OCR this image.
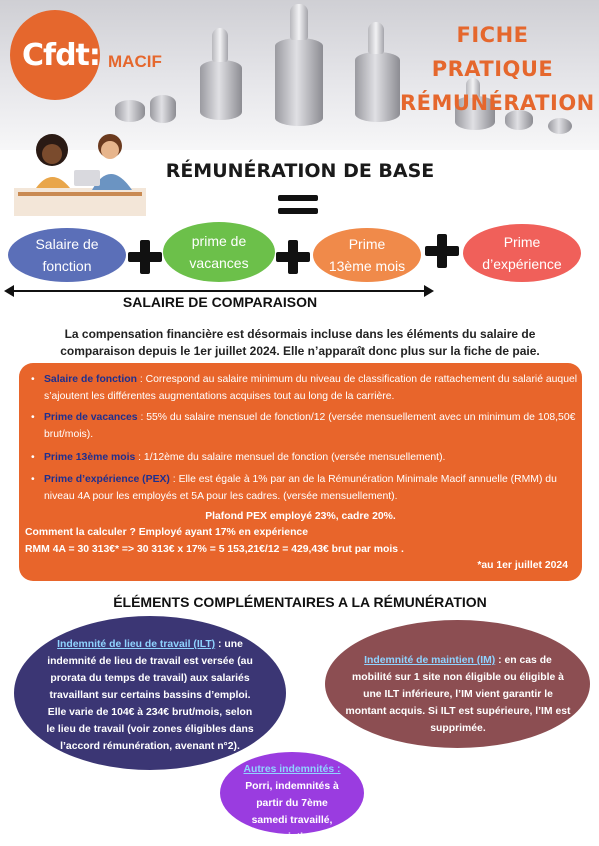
Cfdt: MACIF
FICHE PRATIQUE
RÉMUNÉRATION
RÉMUNÉRATION DE BASE
Salaire de fonction
prime de vacances
Prime 13ème mois
Prime d’expérience
SALAIRE DE COMPARAISON
La compensation financière est désormais incluse dans les éléments du salaire de comparaison depuis le 1er juillet 2024. Elle n’apparaît donc plus sur la fiche de paie.
• Salaire de fonction : Correspond au salaire minimum du niveau de classification de rattachement du salarié auquel s’ajoutent les différentes augmentations acquises tout au long de la carrière.
• Prime de vacances : 55% du salaire mensuel de fonction/12 (versée mensuellement avec un minimum de 108,50€ brut/mois).
• Prime 13ème mois : 1/12ème du salaire mensuel de fonction (versée mensuellement).
• Prime d’expérience (PEX) : Elle est égale à 1% par an de la Rémunération Minimale Macif annuelle (RMM) du niveau 4A pour les employés et 5A pour les cadres. (versée mensuellement).
Plafond PEX employé 23%, cadre 20%.
Comment la calculer ? Employé ayant 17% en expérience
RMM 4A = 30 313€* => 30 313€ x 17% = 5 153,21€/12 = 429,43€ brut par mois .
*au 1er juillet 2024
ÉLÉMENTS COMPLÉMENTAIRES A LA RÉMUNÉRATION
Indemnité de lieu de travail (ILT) : une indemnité de lieu de travail est versée (au prorata du temps de travail) aux salariés travaillant sur certains bassins d’emploi. Elle varie de 104€ à 234€ brut/mois, selon le lieu de travail (voir zones éligibles dans l’accord rémunération, avenant n°2).
Indemnité de maintien (IM) : en cas de mobilité sur 1 site non éligible ou éligible à une ILT inférieure, l’IM vient garantir le montant acquis. Si ILT est supérieure, l’IM est supprimée.
Autres indemnités :
Porri, indemnités à partir du 7ème samedi travaillé, dissociation….
